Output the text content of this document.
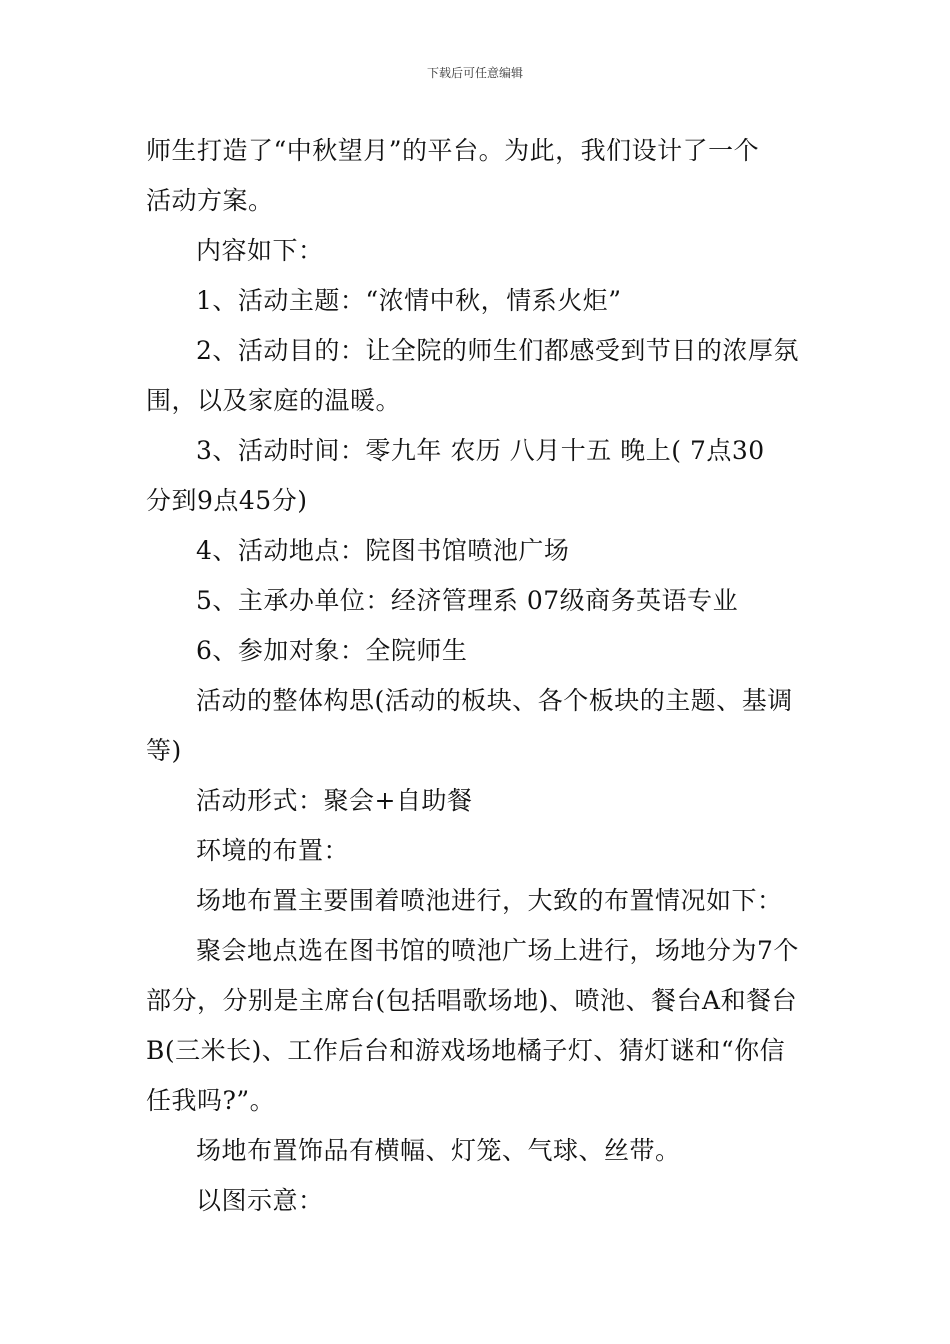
下载后可任意编辑
师生打造了“中秋望月”的平台。为此，我们设计了一个
活动方案。
内容如下：
1、活动主题：“浓情中秋，情系火炬”
2、活动目的：让全院的师生们都感受到节日的浓厚氛
围，以及家庭的温暖。
3、活动时间：零九年 农历 八月十五 晚上( 7点30
分到9点45分)
4、活动地点：院图书馆喷池广场
5、主承办单位：经济管理系 07级商务英语专业
6、参加对象：全院师生
活动的整体构思(活动的板块、各个板块的主题、基调
等)
活动形式：聚会+自助餐
环境的布置：
场地布置主要围着喷池进行，大致的布置情况如下：
聚会地点选在图书馆的喷池广场上进行，场地分为7个
部分，分别是主席台(包括唱歌场地)、喷池、餐台A和餐台
B(三米长)、工作后台和游戏场地橘子灯、猜灯谜和“你信
任我吗?”。
场地布置饰品有横幅、灯笼、气球、丝带。
以图示意：
